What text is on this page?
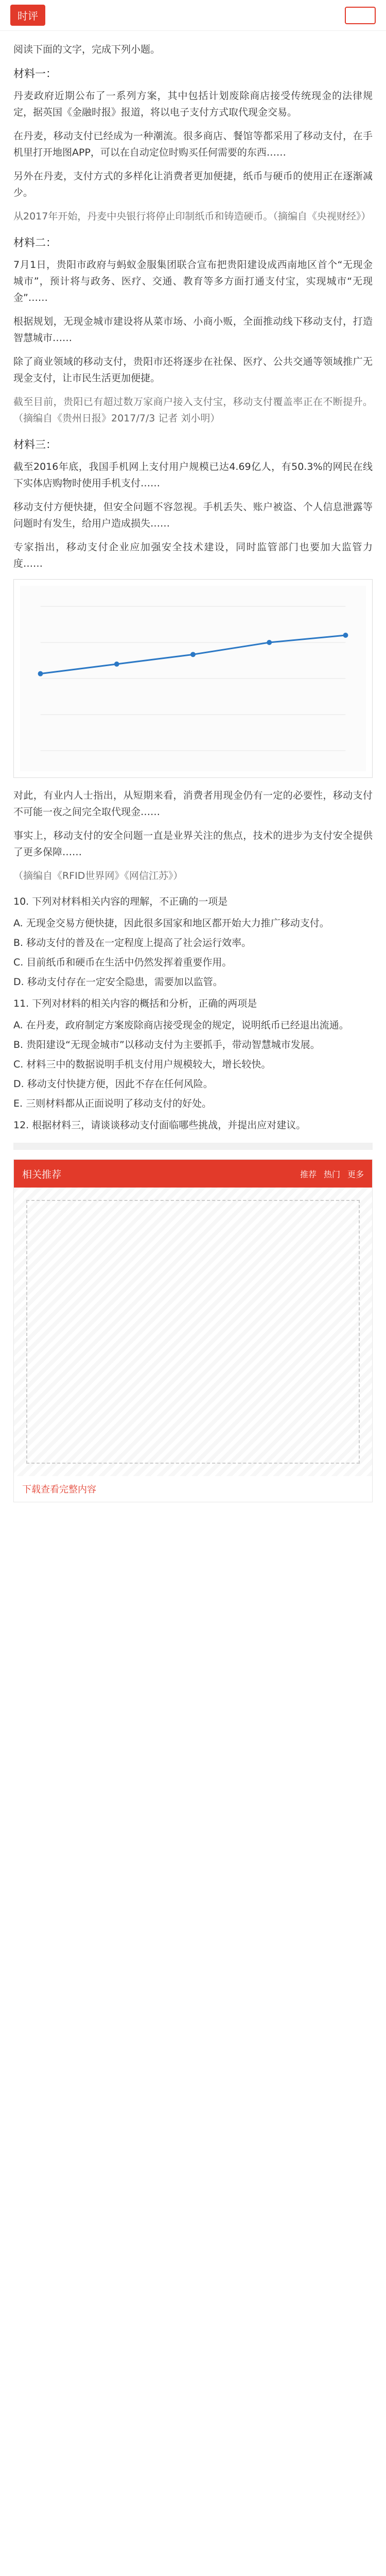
时评

阅读下面的文字，完成下列小题。

材料一：

丹麦政府近期公布了一系列方案，其中包括计划废除商店接受传统现金的法律规定，据英国《金融时报》报道，将以电子支付方式取代现金交易。

在丹麦，移动支付已经成为一种潮流。很多商店、餐馆等都采用了移动支付，在手机里打开地图APP，可以在自动定位时购买任何需要的东西……

另外在丹麦，支付方式的多样化让消费者更加便捷，纸币与硬币的使用正在逐渐减少。

从2017年开始，丹麦中央银行将停止印制纸币和铸造硬币。（摘编自《央视财经》）

材料二：

7月1日，贵阳市政府与蚂蚁金服集团联合宣布把贵阳建设成西南地区首个“无现金城市”，预计将与政务、医疗、交通、教育等多方面打通支付宝，实现城市“无现金”……

根据规划，无现金城市建设将从菜市场、小商小贩，全面推动线下移动支付，打造智慧城市……

除了商业领域的移动支付，贵阳市还将逐步在社保、医疗、公共交通等领域推广无现金支付，让市民生活更加便捷。

截至目前，贵阳已有超过数万家商户接入支付宝，移动支付覆盖率正在不断提升。（摘编自《贵州日报》2017/7/3 记者 刘小明）

材料三：

截至2016年底，我国手机网上支付用户规模已达4.69亿人，有50.3%的网民在线下实体店购物时使用手机支付……

移动支付方便快捷，但安全问题不容忽视。手机丢失、账户被盗、个人信息泄露等问题时有发生，给用户造成损失……

专家指出，移动支付企业应加强安全技术建设，同时监管部门也要加大监管力度……

对此，有业内人士指出，从短期来看，消费者用现金仍有一定的必要性，移动支付不可能一夜之间完全取代现金……

事实上，移动支付的安全问题一直是业界关注的焦点，技术的进步为支付安全提供了更多保障……

（摘编自《RFID世界网》《网信江苏》）

10. 下列对材料相关内容的理解，不正确的一项是
A. 无现金交易方便快捷，因此很多国家和地区都开始大力推广移动支付。
B. 移动支付的普及在一定程度上提高了社会运行效率。
C. 目前纸币和硬币在生活中仍然发挥着重要作用。
D. 移动支付存在一定安全隐患，需要加以监管。
11. 下列对材料的相关内容的概括和分析，正确的两项是
A. 在丹麦，政府制定方案废除商店接受现金的规定，说明纸币已经退出流通。
B. 贵阳建设“无现金城市”以移动支付为主要抓手，带动智慧城市发展。
C. 材料三中的数据说明手机支付用户规模较大，增长较快。
D. 移动支付快捷方便，因此不存在任何风险。
E. 三则材料都从正面说明了移动支付的好处。
12. 根据材料三，请谈谈移动支付面临哪些挑战，并提出应对建议。
相关推荐	推荐 热门 更多
下载查看完整内容
